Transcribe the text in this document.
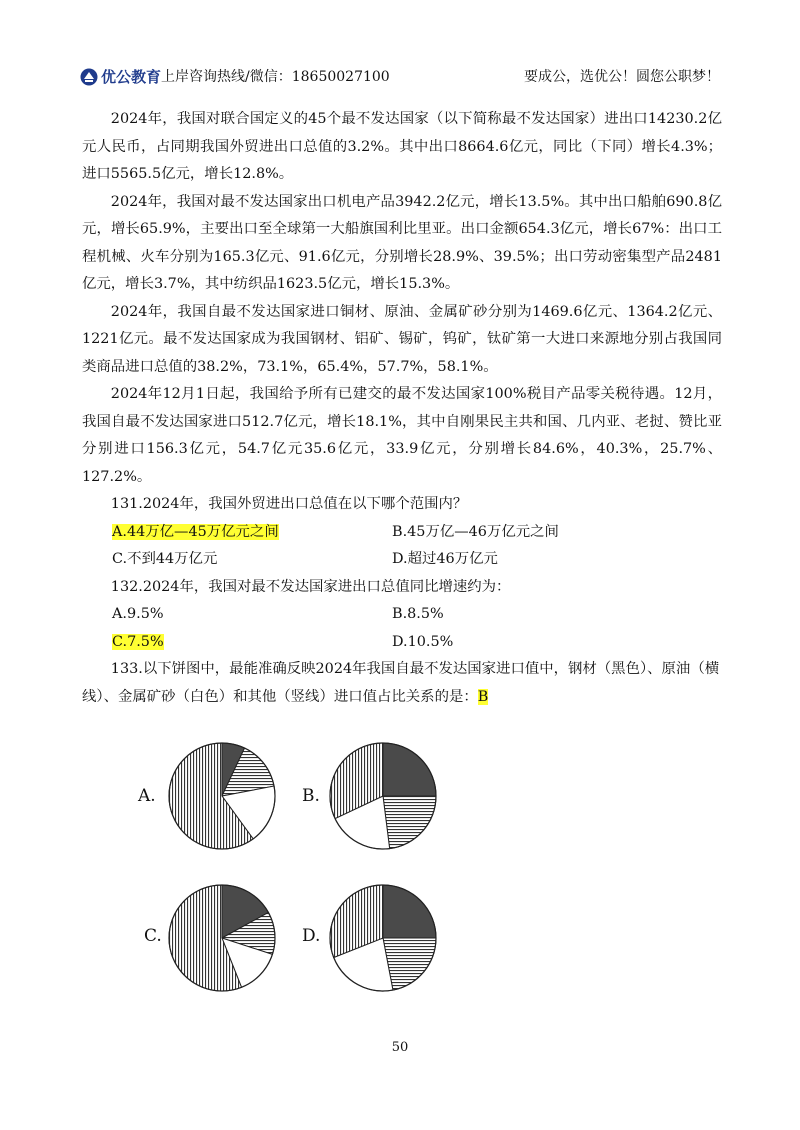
优公教育 上岸咨询热线/微信：18650027100	要成公，选优公！圆您公职梦！

2024年，我国对联合国定义的45个最不发达国家（以下简称最不发达国家）进出口14230.2亿元人民币，占同期我国外贸进出口总值的3.2%。其中出口8664.6亿元，同比（下同）增长4.3%；进口5565.5亿元，增长12.8%。

2024年，我国对最不发达国家出口机电产品3942.2亿元，增长13.5%。其中出口船舶690.8亿元，增长65.9%，主要出口至全球第一大船旗国利比里亚。出口金额654.3亿元，增长67%：出口工程机械、火车分别为165.3亿元、91.6亿元，分别增长28.9%、39.5%；出口劳动密集型产品2481亿元，增长3.7%，其中纺织品1623.5亿元，增长15.3%。

2024年，我国自最不发达国家进口铜材、原油、金属矿砂分别为1469.6亿元、1364.2亿元、1221亿元。最不发达国家成为我国钢材、铝矿、锡矿，钨矿，钛矿第一大进口来源地分别占我国同类商品进口总值的38.2%，73.1%，65.4%，57.7%，58.1%。

2024年12月1日起，我国给予所有已建交的最不发达国家100%税目产品零关税待遇。12月，我国自最不发达国家进口512.7亿元，增长18.1%，其中自刚果民主共和国、几内亚、老挝、赞比亚分别进口156.3亿元，54.7亿元35.6亿元，33.9亿元，分别增长84.6%，40.3%，25.7%、127.2%。

131.2024年，我国外贸进出口总值在以下哪个范围内？

A.44万亿—45万亿元之间	B.45万亿—46万亿元之间
C.不到44万亿元	D.超过46万亿元

132.2024年，我国对最不发达国家进出口总值同比增速约为：

A.9.5%	B.8.5%
C.7.5%	D.10.5%

133.以下饼图中，最能准确反映2024年我国自最不发达国家进口值中，钢材（黑色）、原油（横线）、金属矿砂（白色）和其他（竖线）进口值占比关系的是：B

A.	B.
C.	D.
50
